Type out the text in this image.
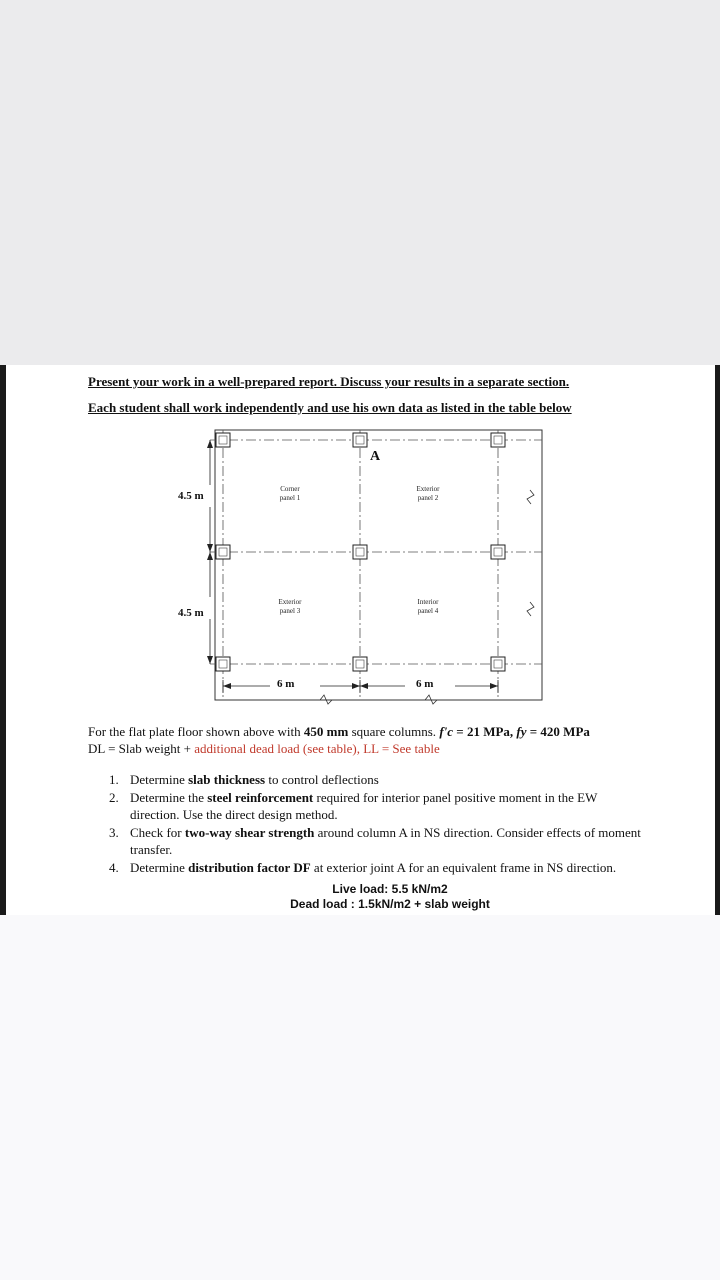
Present your work in a well-prepared report. Discuss your results in a separate section.
Each student shall work independently and use his own data as listed in the table below
A
Corner
panel 1
Exterior
panel 2
Exterior
panel 3
Interior
panel 4
4.5 m
4.5 m
6 m	6 m
For the flat plate floor shown above with 450 mm square columns. f'c = 21 MPa, fy = 420 MPa
DL = Slab weight + additional dead load (see table), LL = See table
1. Determine slab thickness to control deflections
2. Determine the steel reinforcement required for interior panel positive moment in the EW direction. Use the direct design method.
3. Check for two-way shear strength around column A in NS direction. Consider effects of moment transfer.
4. Determine distribution factor DF at exterior joint A for an equivalent frame in NS direction.
Live load: 5.5 kN/m2
Dead load : 1.5kN/m2 + slab weight
